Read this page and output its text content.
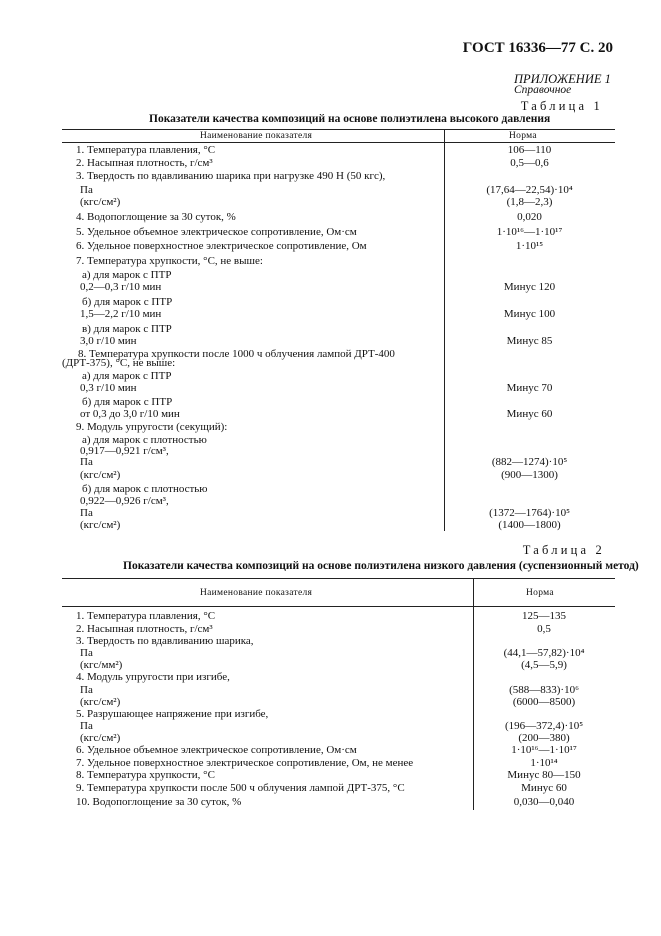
ГОСТ 16336—77 С. 20
ПРИЛОЖЕНИЕ 1
Справочное
Таблица 1
Показатели качества композиций на основе полиэтилена высокого давления
Наименование показателя	Норма
1. Температура плавления, °С	106—110
2. Насыпная плотность, г/см³	0,5—0,6
3. Твердость по вдавливанию шарика при нагрузке 490 Н (50 кгс),
Па	(17,64—22,54)·10⁴
(кгс/см²)	(1,8—2,3)
4. Водопоглощение за 30 суток, %	0,020
5. Удельное объемное электрическое сопротивление, Ом·см	1·10¹⁶—1·10¹⁷
6. Удельное поверхностное электрическое сопротивление, Ом	1·10¹⁵
7. Температура хрупкости, °С, не выше:
а) для марок с ПТР
0,2—0,3 г/10 мин	Минус 120
б) для марок с ПТР
1,5—2,2 г/10 мин	Минус 100
в) для марок с ПТР
3,0 г/10 мин	Минус 85
8. Температура хрупкости после 1000 ч облучения лампой ДРТ-400
(ДРТ-375), °С, не выше:
а) для марок с ПТР
0,3 г/10 мин	Минус 70
б) для марок с ПТР
от 0,3 до 3,0 г/10 мин	Минус 60
9. Модуль упругости (секущий):
а) для марок с плотностью
0,917—0,921 г/см³,
Па	(882—1274)·10⁵
(кгс/см²)	(900—1300)
б) для марок с плотностью
0,922—0,926 г/см³,
Па	(1372—1764)·10⁵
(кгс/см²)	(1400—1800)
Таблица 2
Показатели качества композиций на основе полиэтилена низкого давления (суспензионный метод)
Наименование показателя	Норма
1. Температура плавления, °С	125—135
2. Насыпная плотность, г/см³	0,5
3. Твердость по вдавливанию шарика,
Па	(44,1—57,82)·10⁴
(кгс/мм²)	(4,5—5,9)
4. Модуль упругости при изгибе,
Па	(588—833)·10⁶
(кгс/см²)	(6000—8500)
5. Разрушающее напряжение при изгибе,
Па	(196—372,4)·10⁵
(кгс/см²)	(200—380)
6. Удельное объемное электрическое сопротивление, Ом·см	1·10¹⁶—1·10¹⁷
7. Удельное поверхностное электрическое сопротивление, Ом, не менее	1·10¹⁴
8. Температура хрупкости, °С	Минус 80—150
9. Температура хрупкости после 500 ч облучения лампой ДРТ-375, °С	Минус 60
10. Водопоглощение за 30 суток, %	0,030—0,040
